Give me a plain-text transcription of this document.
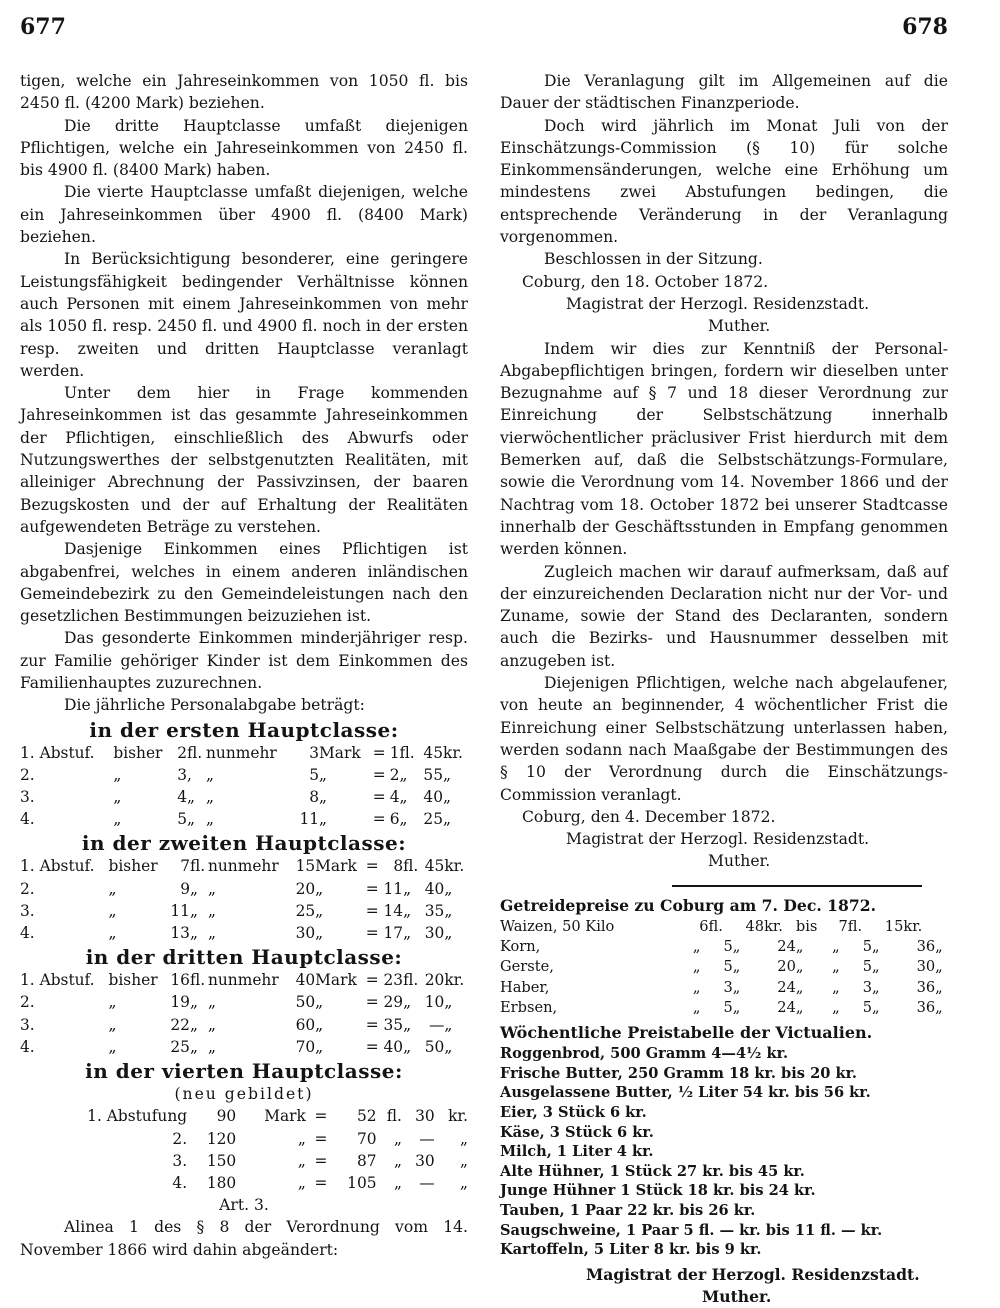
677	678

tigen, welche ein Jahreseinkommen von 1050 fl. bis 2450 fl. (4200 Mark) beziehen.

Die dritte Hauptclasse umfaßt diejenigen Pflichtigen, welche ein Jahreseinkommen von 2450 fl. bis 4900 fl. (8400 Mark) haben.

Die vierte Hauptclasse umfaßt diejenigen, welche ein Jahreseinkommen über 4900 fl. (8400 Mark) beziehen.

In Berücksichtigung besonderer, eine geringere Leistungsfähigkeit bedingender Verhältnisse können auch Personen mit einem Jahreseinkommen von mehr als 1050 fl. resp. 2450 fl. und 4900 fl. noch in der ersten resp. zweiten und dritten Hauptclasse veranlagt werden.

Unter dem hier in Frage kommenden Jahreseinkommen ist das gesammte Jahreseinkommen der Pflichtigen, einschließlich des Abwurfs oder Nutzungswerthes der selbstgenutzten Realitäten, mit alleiniger Abrechnung der Passivzinsen, der baaren Bezugskosten und der auf Erhaltung der Realitäten aufgewendeten Beträge zu verstehen.

Dasjenige Einkommen eines Pflichtigen ist abgabenfrei, welches in einem anderen inländischen Gemeindebezirk zu den Gemeindeleistungen nach den gesetzlichen Bestimmungen beizuziehen ist.

Das gesonderte Einkommen minderjähriger resp. zur Familie gehöriger Kinder ist dem Einkommen des Familienhauptes zuzurechnen.

Die jährliche Personalabgabe beträgt:

in der ersten Hauptclasse:
1. Abstuf.	bisher	2	fl.	nunmehr	3	Mark	=	1	fl.	45	kr.
2.	„	3	,	„	5	„	=	2	„	55	„
3.	„	4	„	„	8	„	=	4	„	40	„
4.	„	5	„	„	11	„	=	6	„	25	„
in der zweiten Hauptclasse:
1. Abstuf.	bisher	7	fl.	nunmehr	15	Mark	=	8	fl.	45	kr.
2.	„	9	„	„	20	„	=	11	„	40	„
3.	„	11	„	„	25	„	=	14	„	35	„
4.	„	13	„	„	30	„	=	17	„	30	„
in der dritten Hauptclasse:
1. Abstuf.	bisher	16	fl.	nunmehr	40	Mark	=	23	fl.	20	kr.
2.	„	19	„	„	50	„	=	29	„	10	„
3.	„	22	„	„	60	„	=	35	„	—	„
4.	„	25	„	„	70	„	=	40	„	50	„
in der vierten Hauptclasse:
(neu gebildet)
1. Abstufung	90	Mark	=	52	fl.	30	kr.
2.	120	„	=	70	„	—	„
3.	150	„	=	87	„	30	„
4.	180	„	=	105	„	—	„
Art. 3.

Alinea 1 des § 8 der Verordnung vom 14. November 1866 wird dahin abgeändert:

Die Veranlagung gilt im Allgemeinen auf die Dauer der städtischen Finanzperiode.

Doch wird jährlich im Monat Juli von der Einschätzungs-Commission (§ 10) für solche Einkommensänderungen, welche eine Erhöhung um mindestens zwei Abstufungen bedingen, die entsprechende Veränderung in der Veranlagung vorgenommen.

Beschlossen in der Sitzung.

Coburg, den 18. October 1872.

Magistrat der Herzogl. Residenzstadt.

Muther.

Indem wir dies zur Kenntniß der Personal-Abgabepflichtigen bringen, fordern wir dieselben unter Bezugnahme auf § 7 und 18 dieser Verordnung zur Einreichung der Selbstschätzung innerhalb vierwöchentlicher präclusiver Frist hierdurch mit dem Bemerken auf, daß die Selbstschätzungs-Formulare, sowie die Verordnung vom 14. November 1866 und der Nachtrag vom 18. October 1872 bei unserer Stadtcasse innerhalb der Geschäftsstunden in Empfang genommen werden können.

Zugleich machen wir darauf aufmerksam, daß auf der einzureichenden Declaration nicht nur der Vor- und Zuname, sowie der Stand des Declaranten, sondern auch die Bezirks- und Hausnummer desselben mit anzugeben ist.

Diejenigen Pflichtigen, welche nach abgelaufener, von heute an beginnender, 4 wöchentlicher Frist die Einreichung einer Selbstschätzung unterlassen haben, werden sodann nach Maaßgabe der Bestimmungen des § 10 der Verordnung durch die Einschätzungs-Commission veranlagt.

Coburg, den 4. December 1872.

Magistrat der Herzogl. Residenzstadt.

Muther.

Getreidepreise zu Coburg am 7. Dec. 1872.

Waizen, 50 Kilo	6	fl.	48	kr.	bis	7	fl.	15	kr.	
Korn,	„	5	„	24	„	„	5	„	36	„
Gerste,	„	5	„	20	„	„	5	„	30	„
Haber,	„	3	„	24	„	„	3	„	36	„
Erbsen,	„	5	„	24	„	„	5	„	36	„

Wöchentliche Preistabelle der Victualien.

Roggenbrod, 500 Gramm 4—4½ kr.

Frische Butter, 250 Gramm 18 kr. bis 20 kr.

Ausgelassene Butter, ½ Liter 54 kr. bis 56 kr.

Eier, 3 Stück 6 kr.

Käse, 3 Stück 6 kr.

Milch, 1 Liter 4 kr.

Alte Hühner, 1 Stück 27 kr. bis 45 kr.

Junge Hühner 1 Stück 18 kr. bis 24 kr.

Tauben, 1 Paar 22 kr. bis 26 kr.

Saugschweine, 1 Paar 5 fl. — kr. bis 11 fl. — kr.

Kartoffeln, 5 Liter 8 kr. bis 9 kr.

Magistrat der Herzogl. Residenzstadt.

Muther.
